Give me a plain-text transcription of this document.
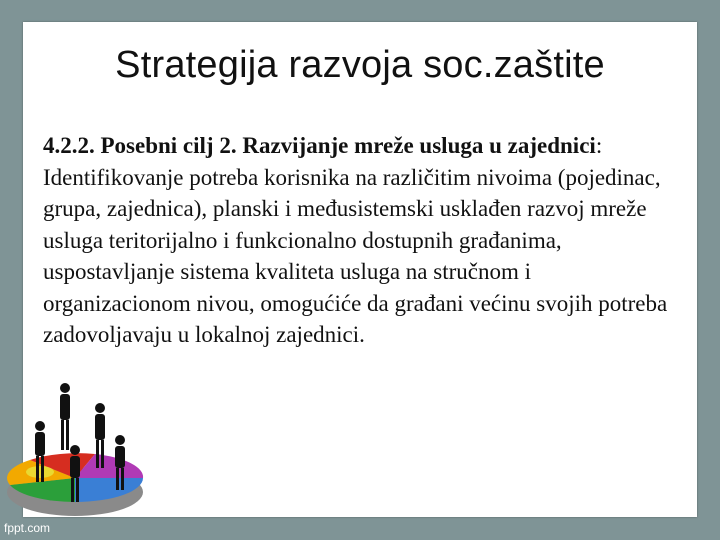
Strategija razvoja soc.zaštite
4.2.2. Posebni cilj 2. Razvijanje mreže usluga u zajednici: Identifikovanje potreba korisnika na različitim nivoima (pojedinac, grupa, zajednica), planski i međusistemski usklađen razvoj mreže usluga teritorijalno i funkcionalno dostupnih građanima, uspostavljanje sistema kvaliteta usluga na stručnom i organizacionom nivou, omogućiće da građani većinu svojih potreba zadovoljavaju u lokalnoj zajednici.
fppt.com
